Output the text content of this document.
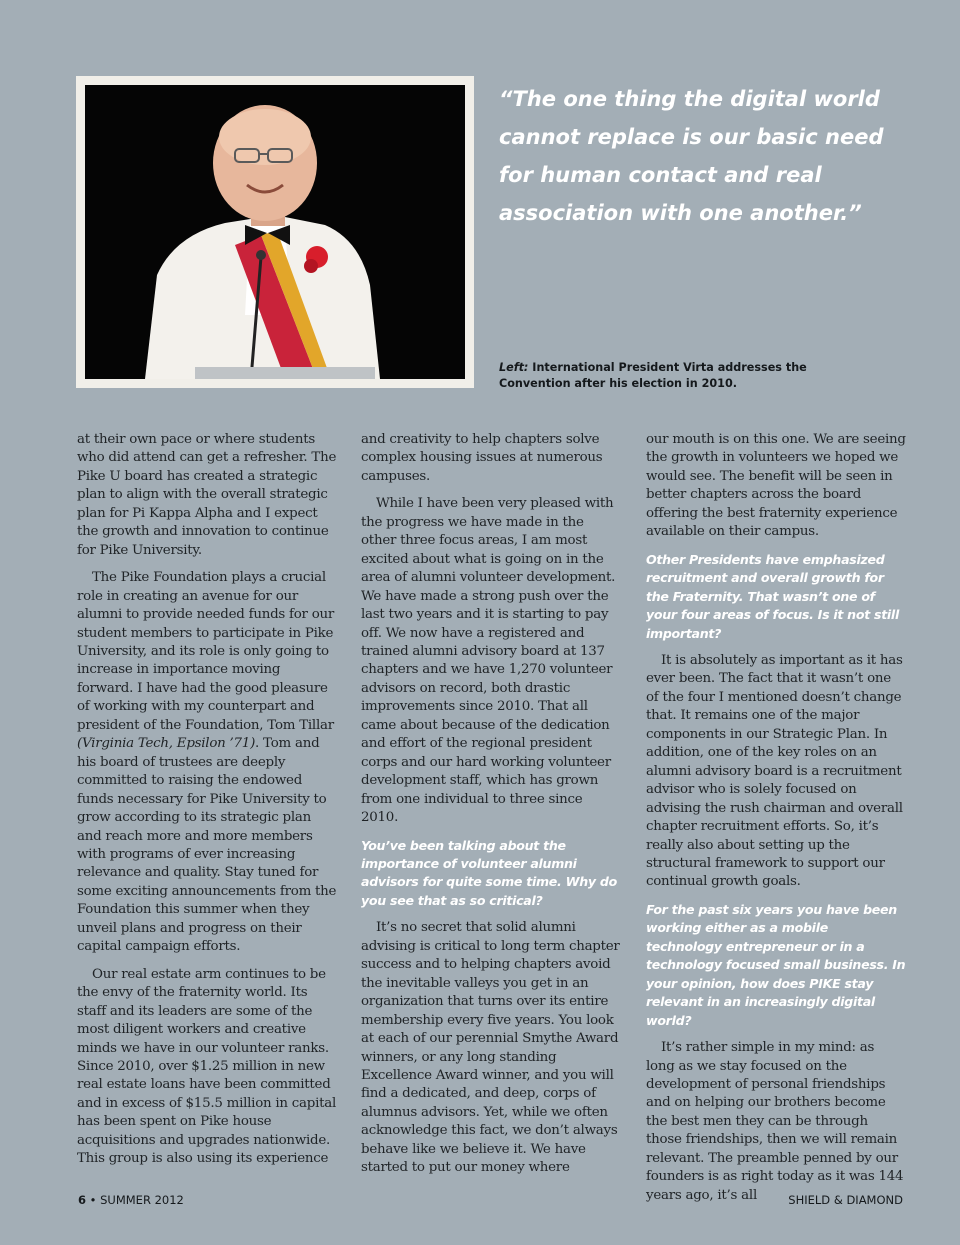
“The one thing the digital world cannot replace is our basic need for human contact and real association with one another.”

Left: International President Virta addresses the Convention after his election in 2010.

at their own pace or where students who did attend can get a refresher. The Pike U board has created a strategic plan to align with the overall strategic plan for Pi Kappa Alpha and I expect the growth and innovation to continue for Pike University.

The Pike Foundation plays a crucial role in creating an avenue for our alumni to provide needed funds for our student members to participate in Pike University, and its role is only going to increase in importance moving forward. I have had the good pleasure of working with my counterpart and president of the Foundation, Tom Tillar (Virginia Tech, Epsilon ’71). Tom and his board of trustees are deeply committed to raising the endowed funds necessary for Pike University to grow according to its strategic plan and reach more and more members with programs of ever increasing relevance and quality. Stay tuned for some exciting announcements from the Foundation this summer when they unveil plans and progress on their capital campaign efforts.

Our real estate arm continues to be the envy of the fraternity world. Its staff and its leaders are some of the most diligent workers and creative minds we have in our volunteer ranks. Since 2010, over $1.25 million in new real estate loans have been committed and in excess of $15.5 million in capital has been spent on Pike house acquisitions and upgrades nationwide. This group is also using its experience

and creativity to help chapters solve complex housing issues at numerous campuses.

While I have been very pleased with the progress we have made in the other three focus areas, I am most excited about what is going on in the area of alumni volunteer development. We have made a strong push over the last two years and it is starting to pay off. We now have a registered and trained alumni advisory board at 137 chapters and we have 1,270 volunteer advisors on record, both drastic improvements since 2010. That all came about because of the dedication and effort of the regional president corps and our hard working volunteer development staff, which has grown from one individual to three since 2010.

You’ve been talking about the importance of volunteer alumni advisors for quite some time. Why do you see that as so critical?

It’s no secret that solid alumni advising is critical to long term chapter success and to helping chapters avoid the inevitable valleys you get in an organization that turns over its entire membership every five years. You look at each of our perennial Smythe Award winners, or any long standing Excellence Award winner, and you will find a dedicated, and deep, corps of alumnus advisors. Yet, while we often acknowledge this fact, we don’t always behave like we believe it. We have started to put our money where

our mouth is on this one. We are seeing the growth in volunteers we hoped we would see. The benefit will be seen in better chapters across the board offering the best fraternity experience available on their campus.

Other Presidents have emphasized recruitment and overall growth for the Fraternity. That wasn’t one of your four areas of focus. Is it not still important?

It is absolutely as important as it has ever been. The fact that it wasn’t one of the four I mentioned doesn’t change that. It remains one of the major components in our Strategic Plan. In addition, one of the key roles on an alumni advisory board is a recruitment advisor who is solely focused on advising the rush chairman and overall chapter recruitment efforts. So, it’s really also about setting up the structural framework to support our continual growth goals.

For the past six years you have been working either as a mobile technology entrepreneur or in a technology focused small business. In your opinion, how does PIKE stay relevant in an increasingly digital world?

It’s rather simple in my mind: as long as we stay focused on the development of personal friendships and on helping our brothers become the best men they can be through those friendships, then we will remain relevant. The preamble penned by our founders is as right today as it was 144 years ago, it’s all

6 • SUMMER 2012	SHIELD & DIAMOND
